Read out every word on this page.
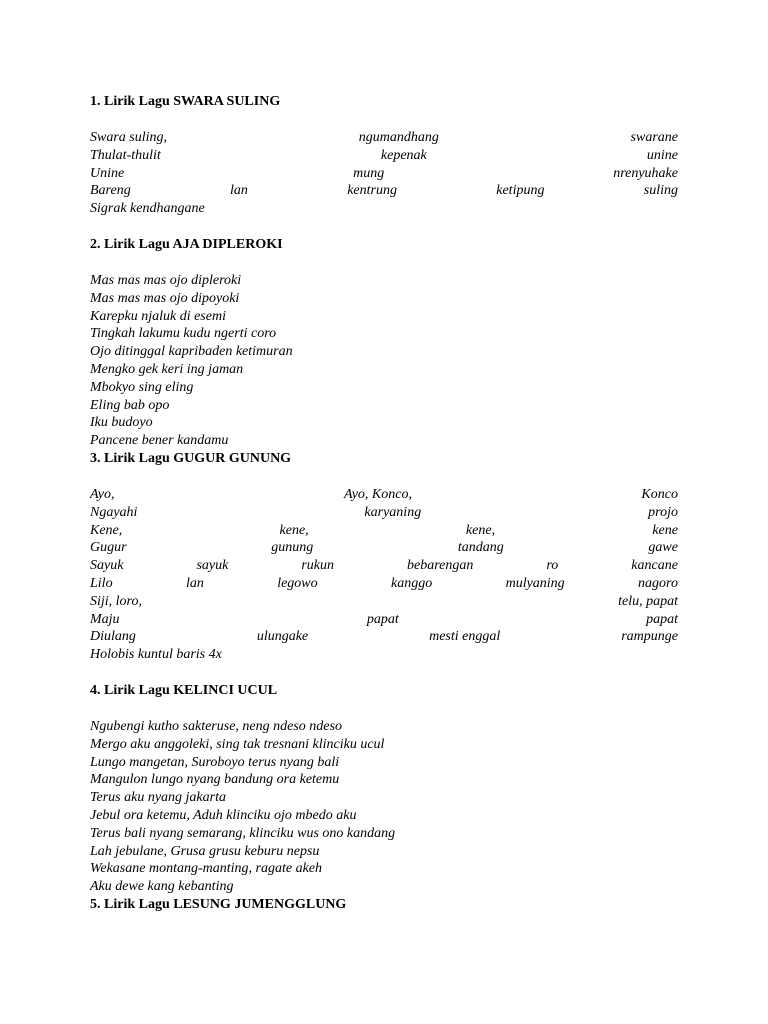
1. Lirik Lagu SWARA SULING
Swara suling,	ngumandhang	swarane
Thulat-thulit	kepenak	unine
Unine	mung	nrenyuhake
Bareng	lan	kentrung	ketipung	suling
Sigrak kendhangane
2. Lirik Lagu AJA DIPLEROKI
Mas mas mas ojo dipleroki
Mas mas mas ojo dipoyoki
Karepku njaluk di esemi
Tingkah lakumu kudu ngerti coro
Ojo ditinggal kapribaden ketimuran
Mengko gek keri ing jaman
Mbokyo sing eling
Eling bab opo
Iku budoyo
Pancene bener kandamu
3. Lirik Lagu GUGUR GUNUNG
Ayo,	Ayo, Konco,	Konco
Ngayahi	karyaning	projo
Kene,	kene,	kene,	kene
Gugur	gunung	tandang	gawe
Sayuk	sayuk	rukun	bebarengan	ro	kancane
Lilo	lan	legowo	kanggo	mulyaning	nagoro
Siji, loro,	telu, papat
Maju	papat	papat
Diulang	ulungake	mesti enggal	rampunge
Holobis kuntul baris 4x
4. Lirik Lagu KELINCI UCUL
Ngubengi kutho sakteruse, neng ndeso ndeso
Mergo aku anggoleki, sing tak tresnani klinciku ucul
Lungo mangetan, Suroboyo terus nyang bali
Mangulon lungo nyang bandung ora ketemu
Terus aku nyang jakarta
Jebul ora ketemu, Aduh klinciku ojo mbedo aku
Terus bali nyang semarang, klinciku wus ono kandang
Lah jebulane, Grusa grusu keburu nepsu
Wekasane montang-manting, ragate akeh
Aku dewe kang kebanting
5. Lirik Lagu LESUNG JUMENGGLUNG
